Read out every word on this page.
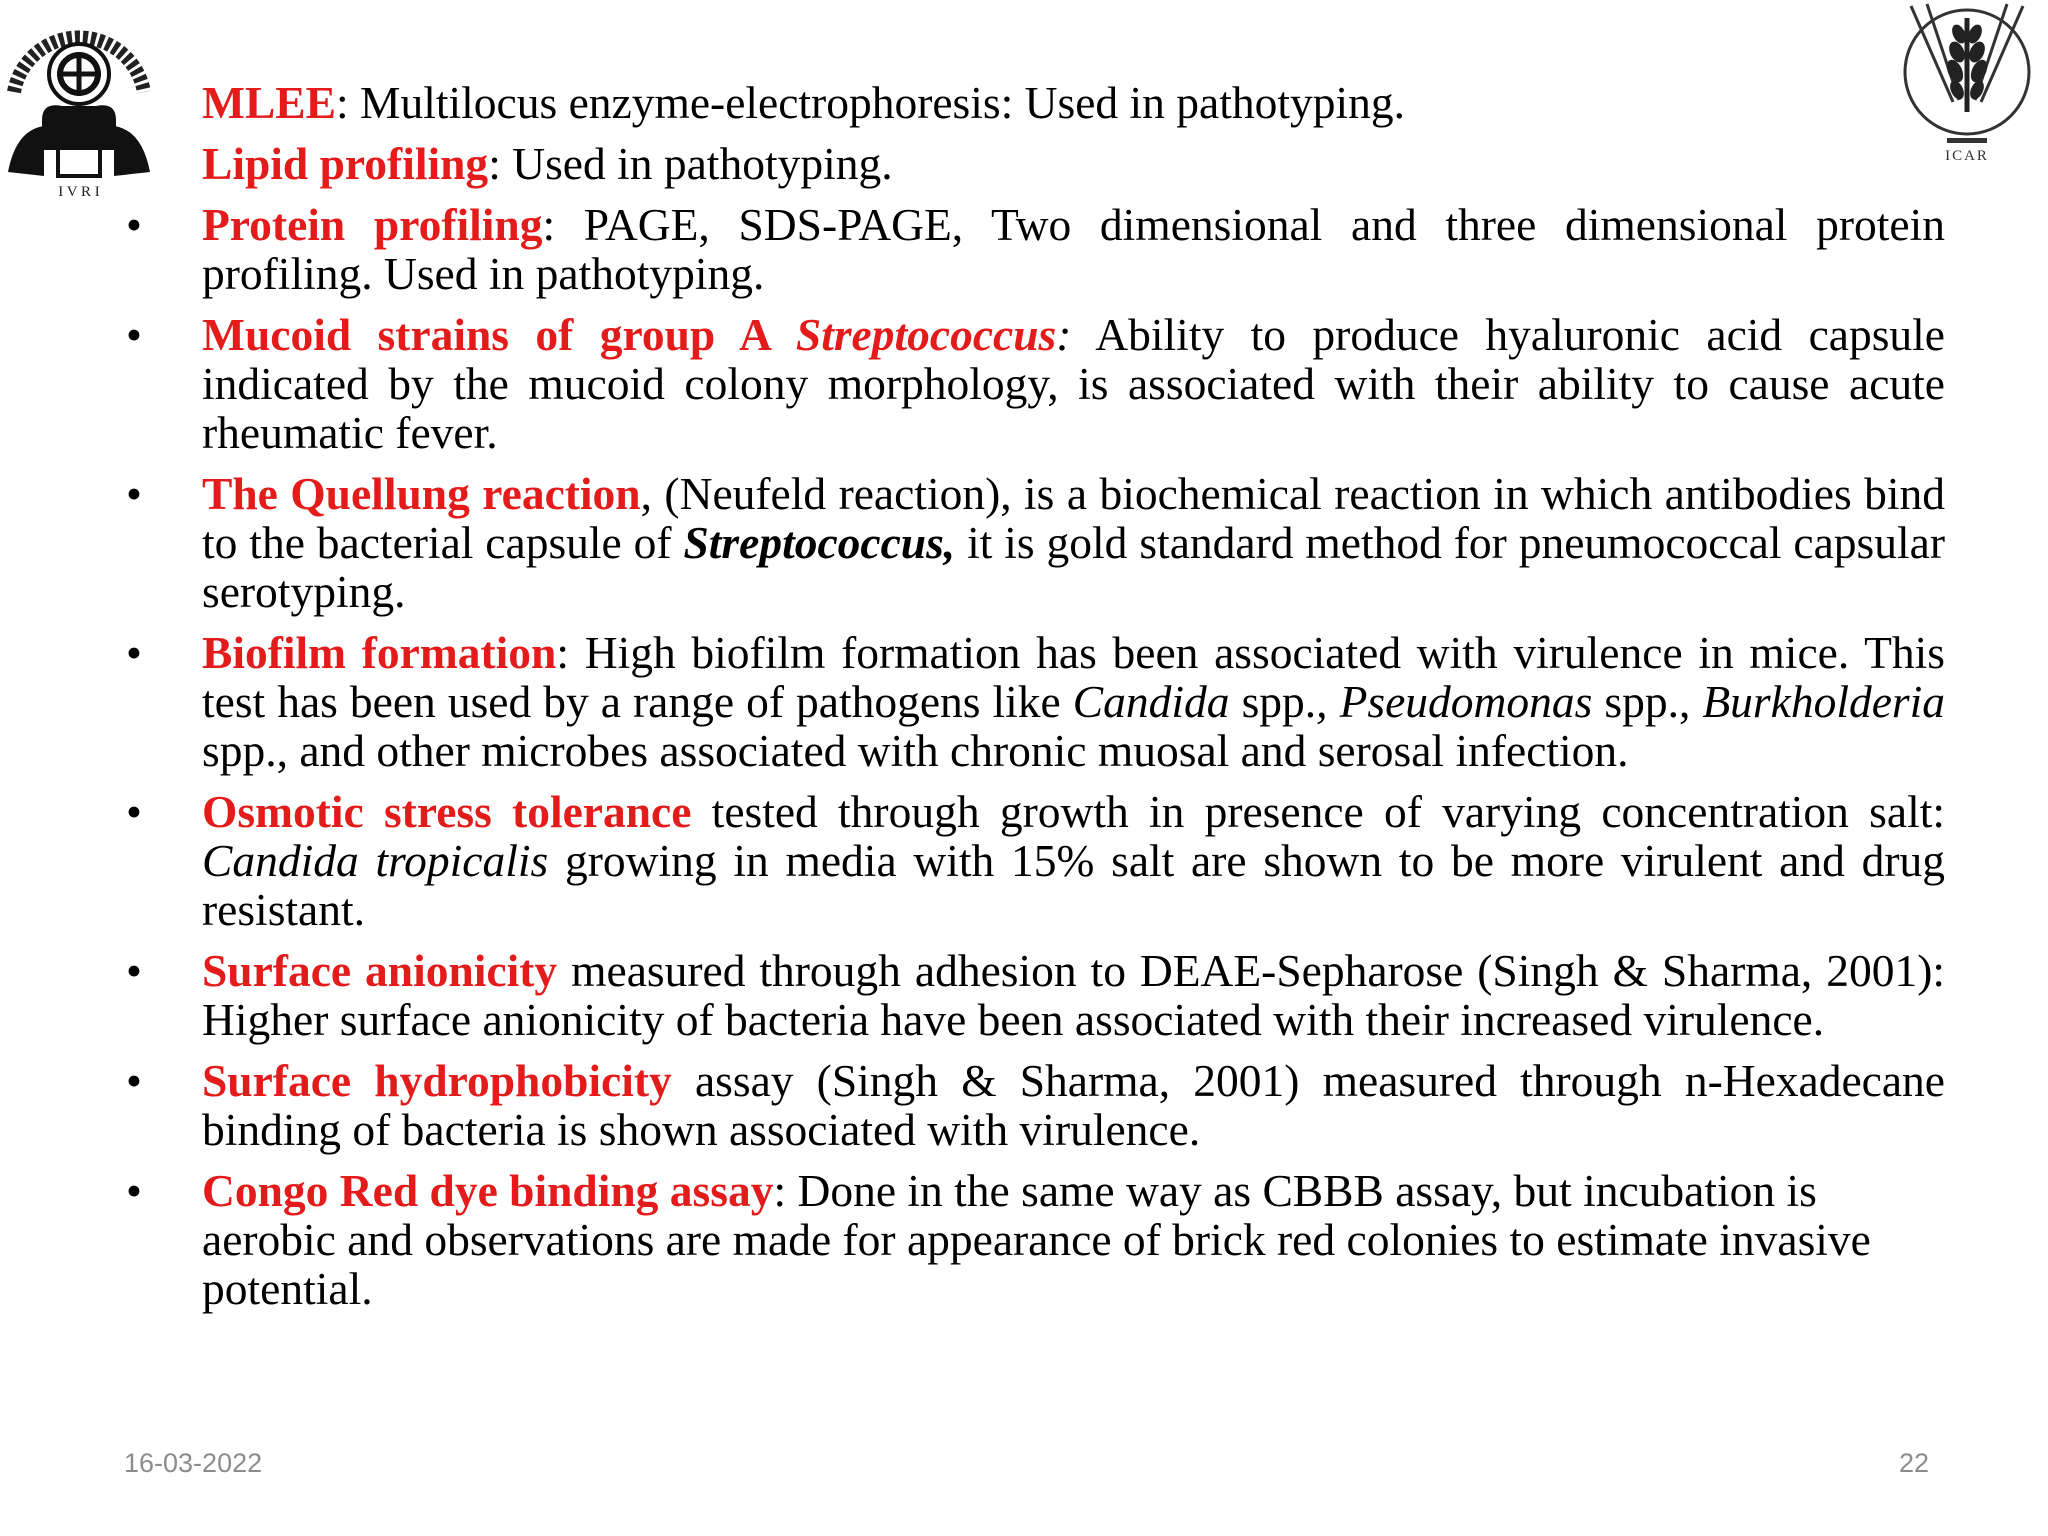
I V R I
ICAR
MLEE: Multilocus enzyme-electrophoresis: Used in pathotyping.
Lipid profiling: Used in pathotyping.
•	Protein profiling: PAGE, SDS-PAGE, Two dimensional and three dimensional protein profiling. Used in pathotyping.
•	Mucoid strains of group A Streptococcus: Ability to produce hyaluronic acid capsule indicated by the mucoid colony morphology, is associated with their ability to cause acute rheumatic fever.
•	The Quellung reaction, (Neufeld reaction), is a biochemical reaction in which antibodies bind to the bacterial capsule of Streptococcus, it is gold standard method for pneumococcal capsular serotyping.
•	Biofilm formation: High biofilm formation has been associated with virulence in mice. This test has been used by a range of pathogens like Candida spp., Pseudomonas spp., Burkholderia spp., and other microbes associated with chronic muosal and serosal infection.
•	Osmotic stress tolerance tested through growth in presence of varying concentration salt: Candida tropicalis growing in media with 15% salt are shown to be more virulent and drug resistant.
•	Surface anionicity measured through adhesion to DEAE-Sepharose (Singh & Sharma, 2001): Higher surface anionicity of bacteria have been associated with their increased virulence.
•	Surface hydrophobicity assay (Singh & Sharma, 2001) measured through n-Hexadecane binding of bacteria is shown associated with virulence.
•	Congo Red dye binding assay: Done in the same way as CBBB assay, but incubation is aerobic and observations are made for appearance of brick red colonies to estimate invasive potential.
16-03-2022	22
